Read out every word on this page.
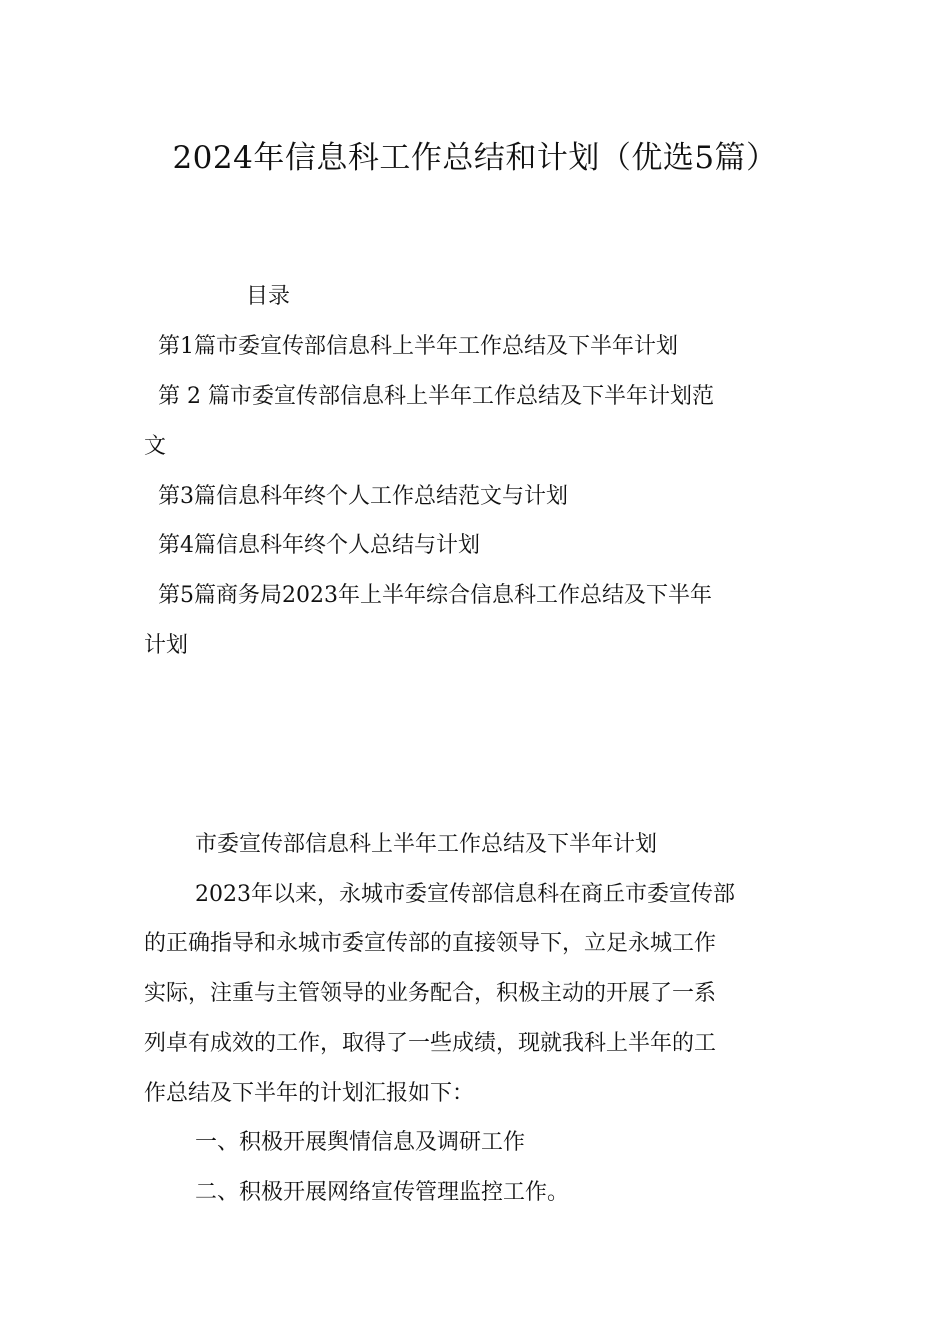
2024年信息科工作总结和计划（优选5篇）
目录
第1篇市委宣传部信息科上半年工作总结及下半年计划
第 2 篇市委宣传部信息科上半年工作总结及下半年计划范
文
第3篇信息科年终个人工作总结范文与计划
第4篇信息科年终个人总结与计划
第5篇商务局2023年上半年综合信息科工作总结及下半年
计划
市委宣传部信息科上半年工作总结及下半年计划
2023年以来，永城市委宣传部信息科在商丘市委宣传部
的正确指导和永城市委宣传部的直接领导下，立足永城工作
实际，注重与主管领导的业务配合，积极主动的开展了一系
列卓有成效的工作，取得了一些成绩，现就我科上半年的工
作总结及下半年的计划汇报如下：
一、积极开展舆情信息及调研工作
二、积极开展网络宣传管理监控工作。
